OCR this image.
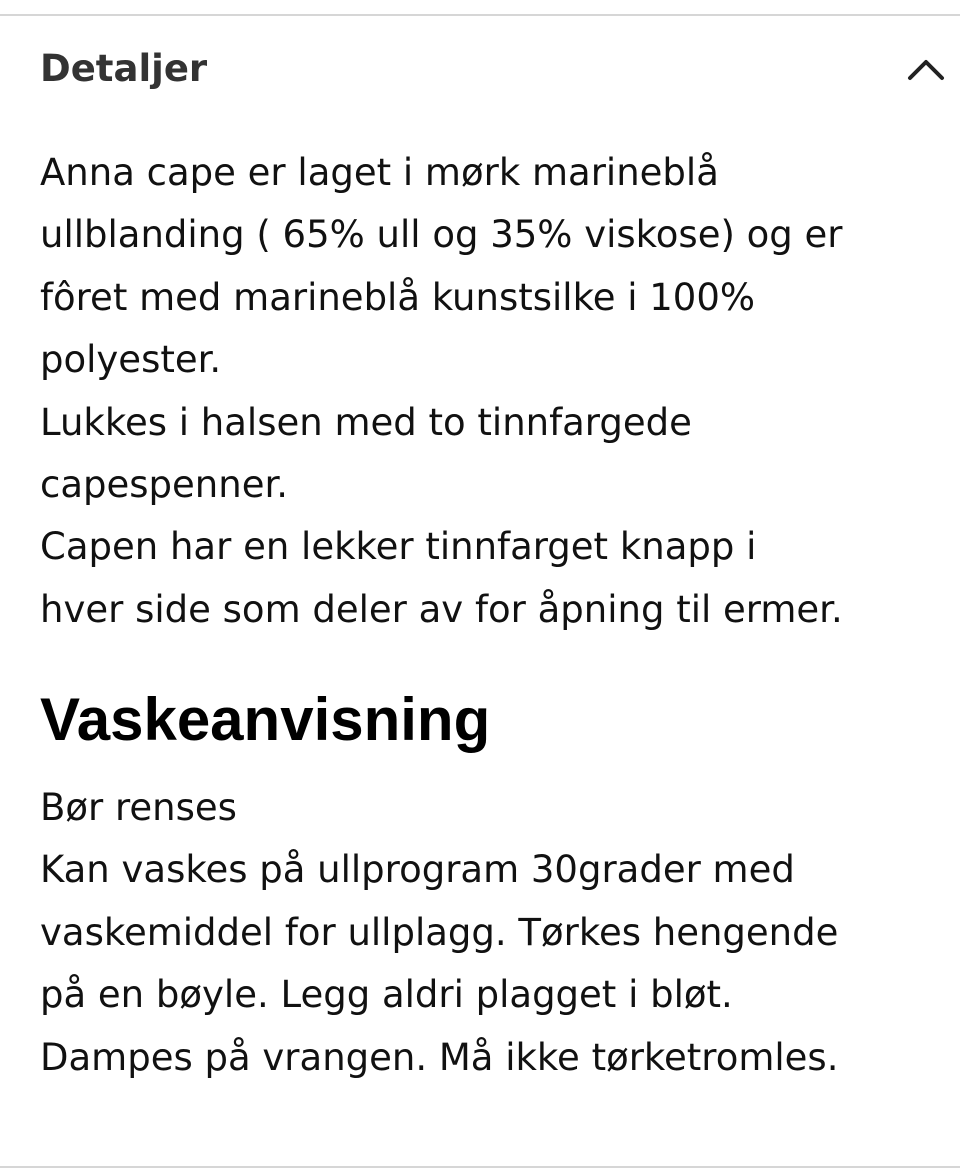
Detaljer
Anna cape er laget i mørk marineblå
ullblanding ( 65% ull og 35% viskose) og er
fôret med marineblå kunstsilke i 100%
polyester.
Lukkes i halsen med to tinnfargede
capespenner.
Capen har en lekker tinnfarget knapp i
hver side som deler av for åpning til ermer.
Vaskeanvisning
Bør renses
Kan vaskes på ullprogram 30grader med
vaskemiddel for ullplagg. Tørkes hengende
på en bøyle. Legg aldri plagget i bløt.
Dampes på vrangen. Må ikke tørketromles.
